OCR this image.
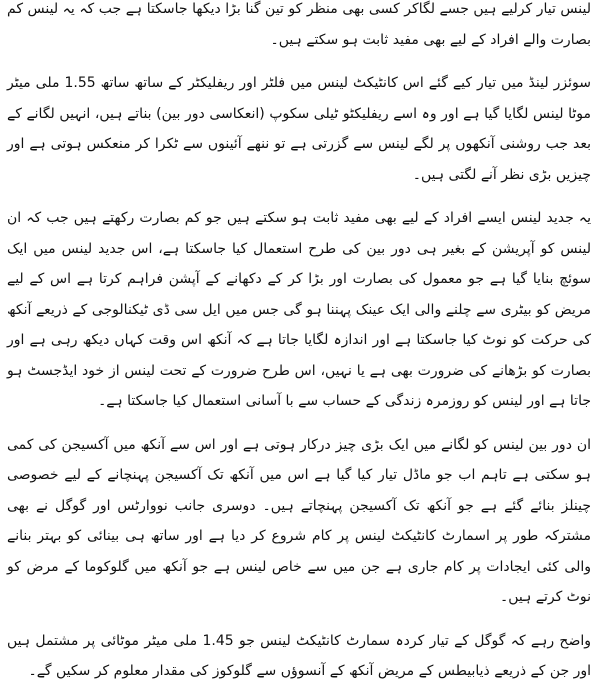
لینس تیار کرلیے ہیں جسے لگاکر کسی بھی منظر کو تین گنا بڑا دیکھا جاسکتا ہے جب کہ یہ لینس کم بصارت والے افراد کے لیے بھی مفید ثابت ہو سکتے ہیں۔

سوئزر لینڈ میں تیار کیے گئے اس کانٹیکٹ لینس میں فلٹر اور ریفلیکٹر کے ساتھ ساتھ 1.55 ملی میٹر موٹا لینس لگایا گیا ہے اور وہ اسے ریفلیکٹو ٹیلی سکوپ (انعکاسی دور بین) بناتے ہیں، انہیں لگانے کے بعد جب روشنی آنکھوں پر لگے لینس سے گزرتی ہے تو ننھے آئینوں سے ٹکرا کر منعکس ہوتی ہے اور چیزیں بڑی نظر آنے لگتی ہیں۔

یہ جدید لینس ایسے افراد کے لیے بھی مفید ثابت ہو سکتے ہیں جو کم بصارت رکھتے ہیں جب کہ ان لینس کو آپریشن کے بغیر ہی دور بین کی طرح استعمال کیا جاسکتا ہے، اس جدید لینس میں ایک سوئچ بنایا گیا ہے جو معمول کی بصارت اور بڑا کر کے دکھانے کے آپشن فراہم کرتا ہے اس کے لیے مریض کو بیٹری سے چلنے والی ایک عینک پہننا ہو گی جس میں ایل سی ڈی ٹیکنالوجی کے ذریعے آنکھ کی حرکت کو نوٹ کیا جاسکتا ہے اور اندازہ لگایا جاتا ہے کہ آنکھ اس وقت کہاں دیکھ رہی ہے اور بصارت کو بڑھانے کی ضرورت بھی ہے یا نہیں، اس طرح ضرورت کے تحت لینس از خود ایڈجسٹ ہو جاتا ہے اور لینس کو روزمرہ زندگی کے حساب سے با آسانی استعمال کیا جاسکتا ہے۔

ان دور بین لینس کو لگانے میں ایک بڑی چیز درکار ہوتی ہے اور اس سے آنکھ میں آکسیجن کی کمی ہو سکتی ہے تاہم اب جو ماڈل تیار کیا گیا ہے اس میں آنکھ تک آکسیجن پہنچانے کے لیے خصوصی چینلز بنائے گئے ہے جو آنکھ تک آکسیجن پہنچاتے ہیں۔ دوسری جانب نووارٹس اور گوگل نے بھی مشترکہ طور پر اسمارٹ کانٹیکٹ لینس پر کام شروع کر دیا ہے اور ساتھ ہی بینائی کو بہتر بنانے والی کئی ایجادات پر کام جاری ہے جن میں سے خاص لینس ہے جو آنکھ میں گلوکوما کے مرض کو نوٹ کرتے ہیں۔

واضح رہے کہ گوگل کے تیار کردہ سمارٹ کانٹیکٹ لینس جو 1.45 ملی میٹر موٹائی پر مشتمل ہیں اور جن کے ذریعے ذیابیطس کے مریض آنکھ کے آنسوؤں سے گلوکوز کی مقدار معلوم کر سکیں گے۔
